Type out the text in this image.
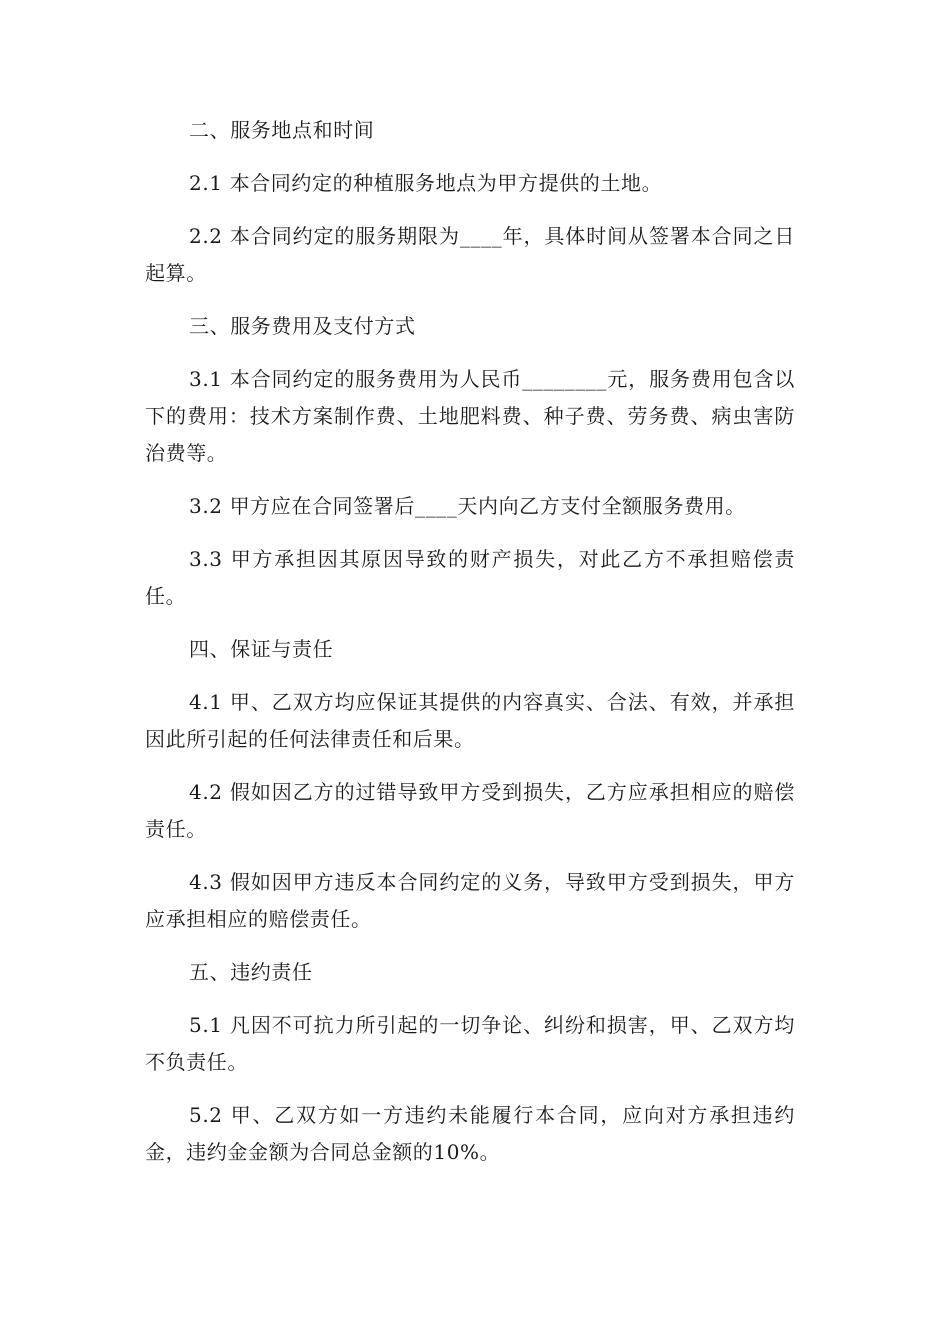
二、服务地点和时间

2.1 本合同约定的种植服务地点为甲方提供的土地。

2.2 本合同约定的服务期限为____年，具体时间从签署本合同之日起算。

三、服务费用及支付方式

3.1 本合同约定的服务费用为人民币________元，服务费用包含以下的费用：技术方案制作费、土地肥料费、种子费、劳务费、病虫害防治费等。

3.2 甲方应在合同签署后____天内向乙方支付全额服务费用。

3.3 甲方承担因其原因导致的财产损失，对此乙方不承担赔偿责任。

四、保证与责任

4.1 甲、乙双方均应保证其提供的内容真实、合法、有效，并承担因此所引起的任何法律责任和后果。

4.2 假如因乙方的过错导致甲方受到损失，乙方应承担相应的赔偿责任。

4.3 假如因甲方违反本合同约定的义务，导致甲方受到损失，甲方应承担相应的赔偿责任。

五、违约责任

5.1 凡因不可抗力所引起的一切争论、纠纷和损害，甲、乙双方均不负责任。

5.2 甲、乙双方如一方违约未能履行本合同，应向对方承担违约金，违约金金额为合同总金额的10%。
